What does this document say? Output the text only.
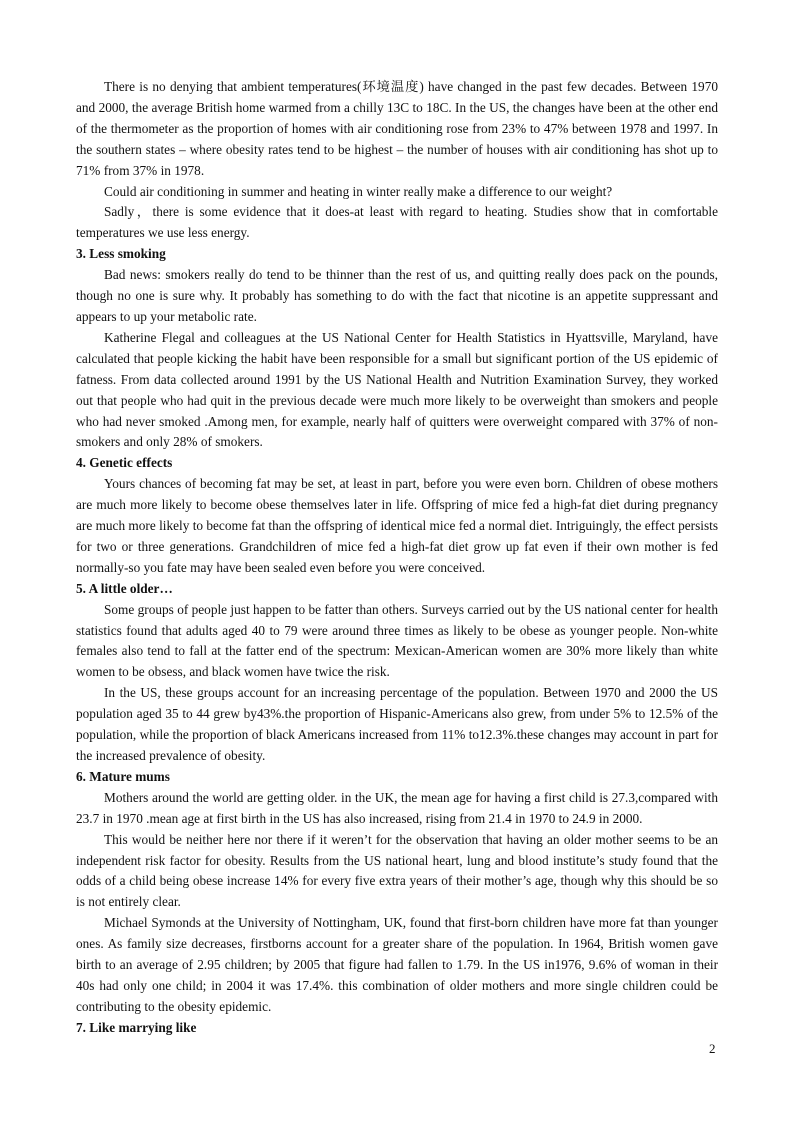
There is no denying that ambient temperatures(环境温度) have changed in the past few decades. Between 1970 and 2000, the average British home warmed from a chilly 13C to 18C. In the US, the changes have been at the other end of the thermometer as the proportion of homes with air conditioning rose from 23% to 47% between 1978 and 1997. In the southern states – where obesity rates tend to be highest – the number of houses with air conditioning has shot up to 71% from 37% in 1978.

Could air conditioning in summer and heating in winter really make a difference to our weight?

Sadly，there is some evidence that it does-at least with regard to heating. Studies show that in comfortable temperatures we use less energy.

3. Less smoking

Bad news: smokers really do tend to be thinner than the rest of us, and quitting really does pack on the pounds, though no one is sure why. It probably has something to do with the fact that nicotine is an appetite suppressant and appears to up your metabolic rate.

Katherine Flegal and colleagues at the US National Center for Health Statistics in Hyattsville, Maryland, have calculated that people kicking the habit have been responsible for a small but significant portion of the US epidemic of fatness. From data collected around 1991 by the US National Health and Nutrition Examination Survey, they worked out that people who had quit in the previous decade were much more likely to be overweight than smokers and people who had never smoked .Among men, for example, nearly half of quitters were overweight compared with 37% of non-smokers and only 28% of smokers.

4. Genetic effects

Yours chances of becoming fat may be set, at least in part, before you were even born. Children of obese mothers are much more likely to become obese themselves later in life. Offspring of mice fed a high-fat diet during pregnancy are much more likely to become fat than the offspring of identical mice fed a normal diet. Intriguingly, the effect persists for two or three generations. Grandchildren of mice fed a high-fat diet grow up fat even if their own mother is fed normally-so you fate may have been sealed even before you were conceived.

5. A little older…

Some groups of people just happen to be fatter than others. Surveys carried out by the US national center for health statistics found that adults aged 40 to 79 were around three times as likely to be obese as younger people. Non-white females also tend to fall at the fatter end of the spectrum: Mexican-American women are 30% more likely than white women to be obsess, and black women have twice the risk.

In the US, these groups account for an increasing percentage of the population. Between 1970 and 2000 the US population aged 35 to 44 grew by43%.the proportion of Hispanic-Americans also grew, from under 5% to 12.5% of the population, while the proportion of black Americans increased from 11% to12.3%.these changes may account in part for the increased prevalence of obesity.

6. Mature mums

Mothers around the world are getting older. in the UK, the mean age for having a first child is 27.3,compared with 23.7 in 1970 .mean age at first birth in the US has also increased, rising from 21.4 in 1970 to 24.9 in 2000.

This would be neither here nor there if it weren’t for the observation that having an older mother seems to be an independent risk factor for obesity. Results from the US national heart, lung and blood institute’s study found that the odds of a child being obese increase 14% for every five extra years of their mother’s age, though why this should be so is not entirely clear.

Michael Symonds at the University of Nottingham, UK, found that first-born children have more fat than younger ones. As family size decreases, firstborns account for a greater share of the population. In 1964, British women gave birth to an average of 2.95 children; by 2005 that figure had fallen to 1.79. In the US in1976, 9.6% of woman in their 40s had only one child; in 2004 it was 17.4%. this combination of older mothers and more single children could be contributing to the obesity epidemic.

7. Like marrying like

2
